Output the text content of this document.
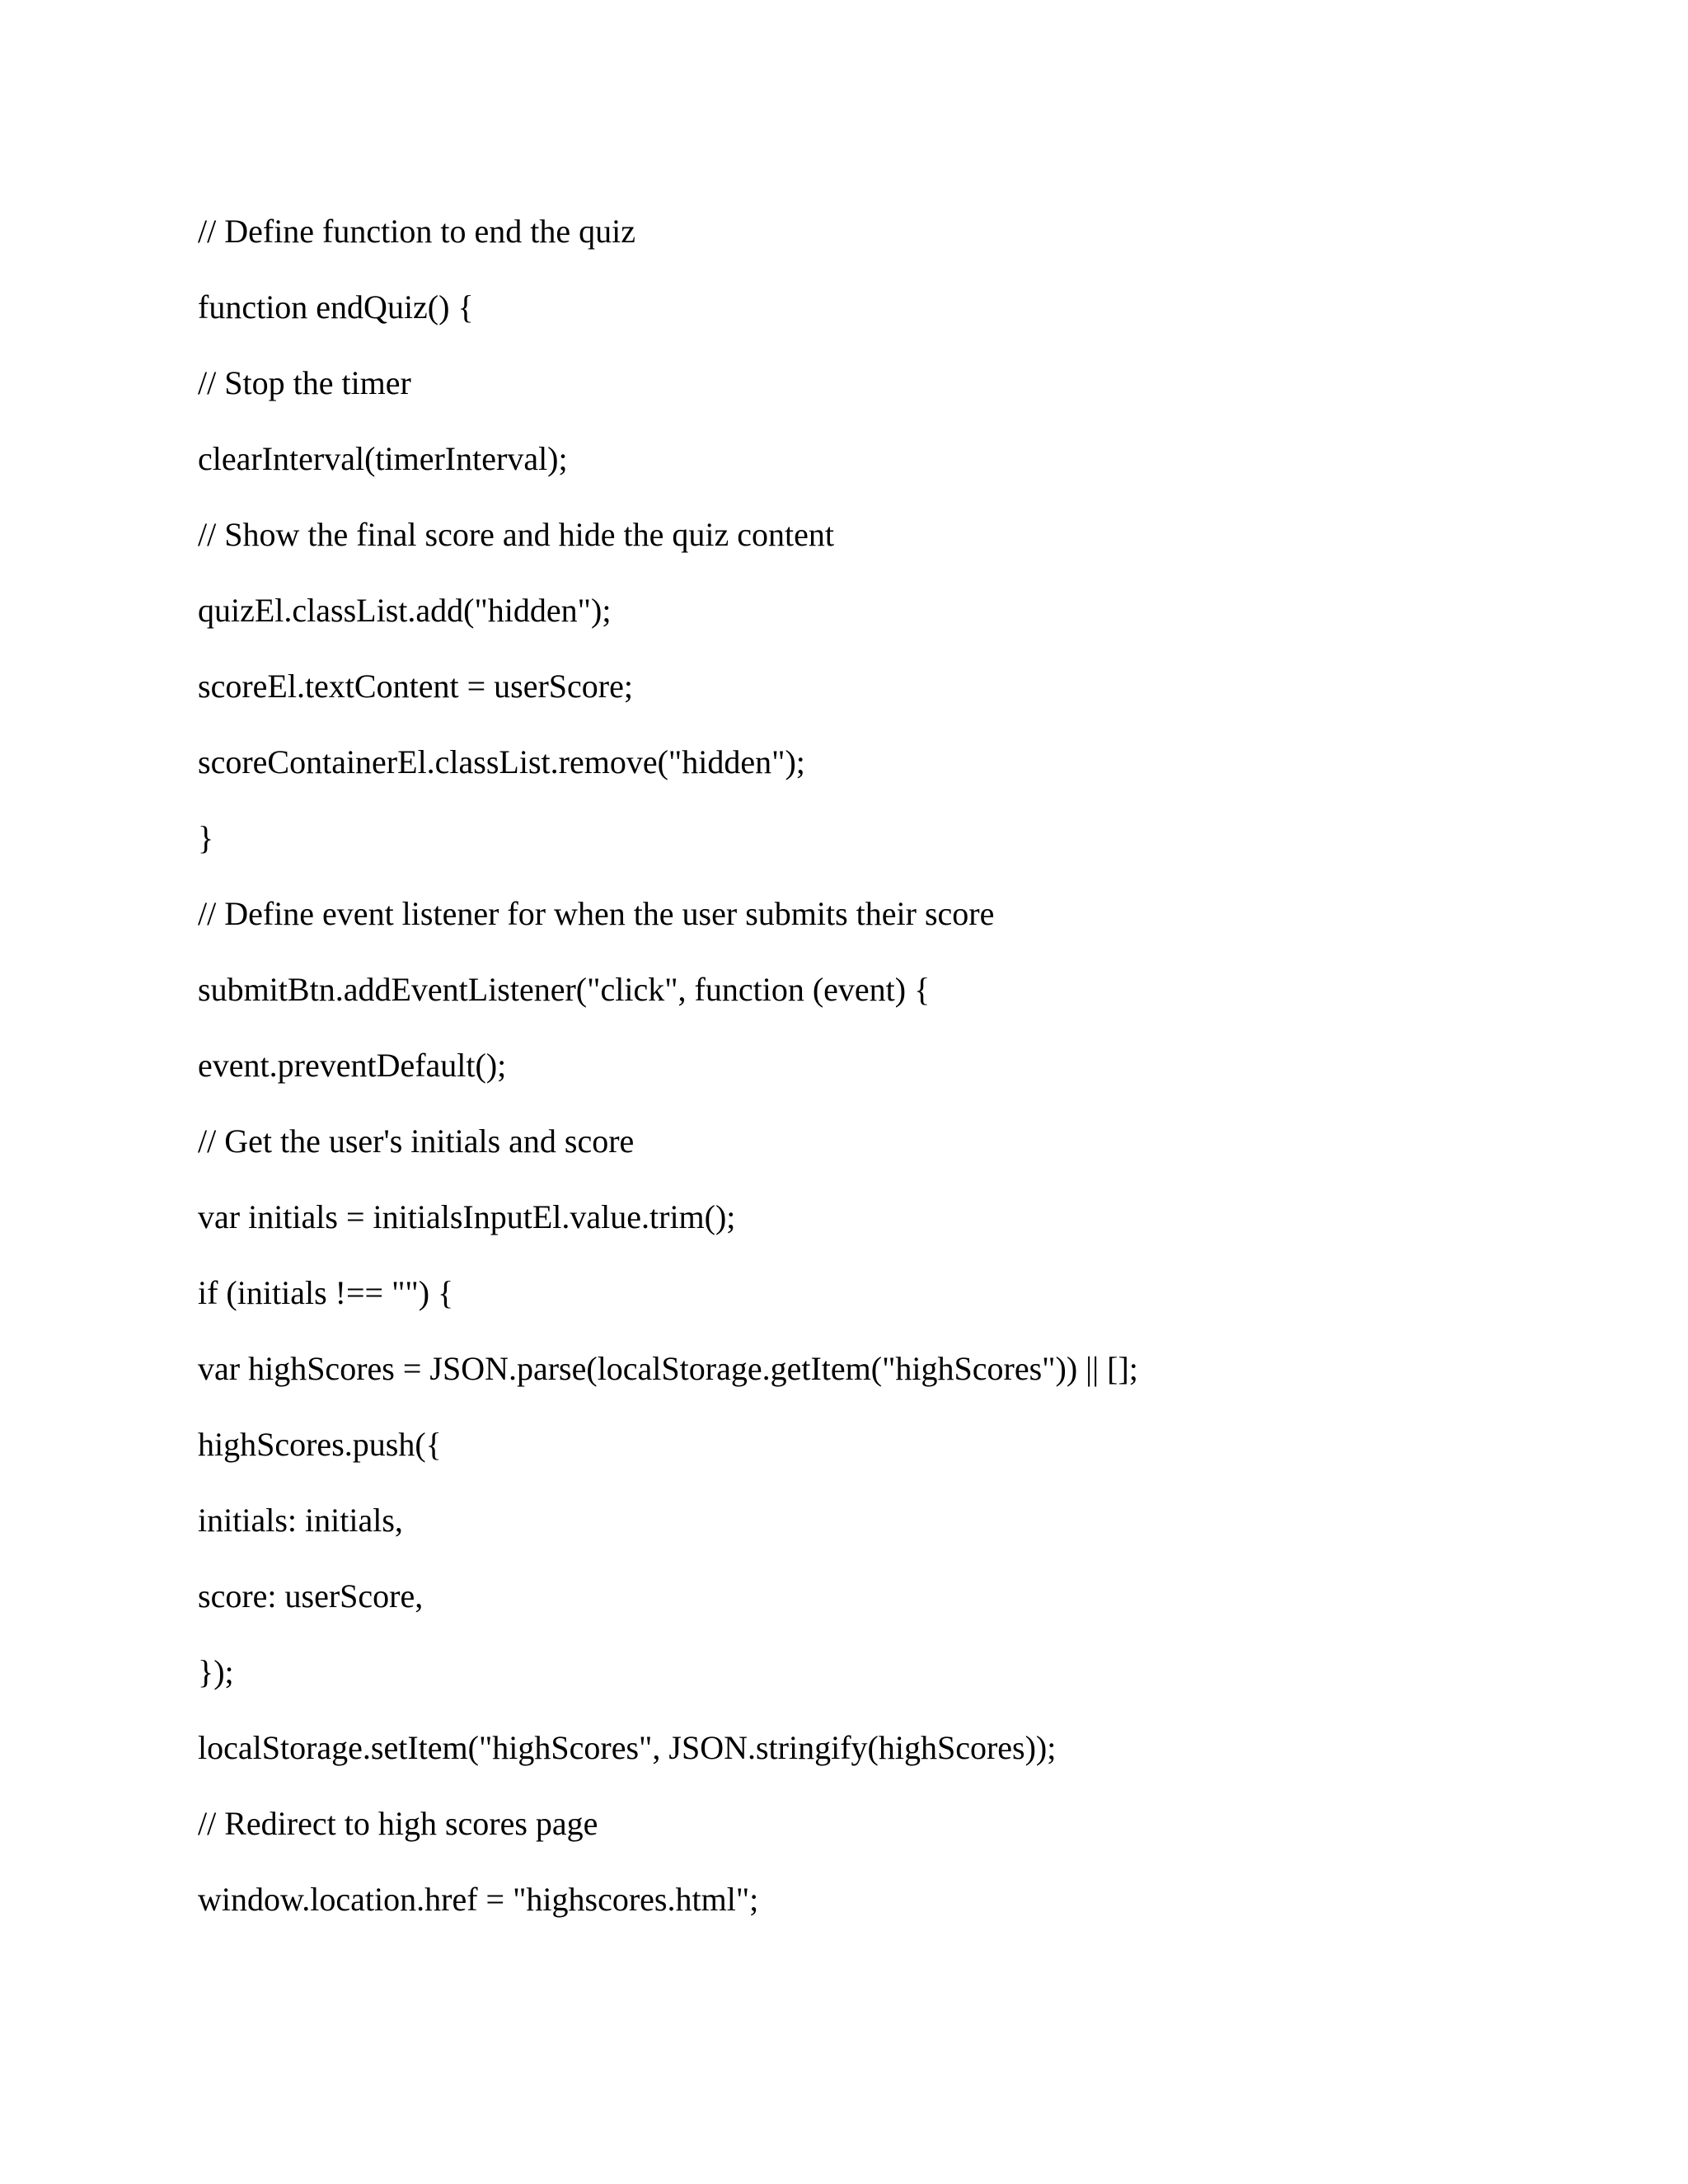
// Define function to end the quiz
function endQuiz() {
// Stop the timer
clearInterval(timerInterval);
// Show the final score and hide the quiz content
quizEl.classList.add("hidden");
scoreEl.textContent = userScore;
scoreContainerEl.classList.remove("hidden");
}
// Define event listener for when the user submits their score
submitBtn.addEventListener("click", function (event) {
event.preventDefault();
// Get the user's initials and score
var initials = initialsInputEl.value.trim();
if (initials !== "") {
var highScores = JSON.parse(localStorage.getItem("highScores")) || [];
highScores.push({
initials: initials,
score: userScore,
});
localStorage.setItem("highScores", JSON.stringify(highScores));
// Redirect to high scores page
window.location.href = "highscores.html";
